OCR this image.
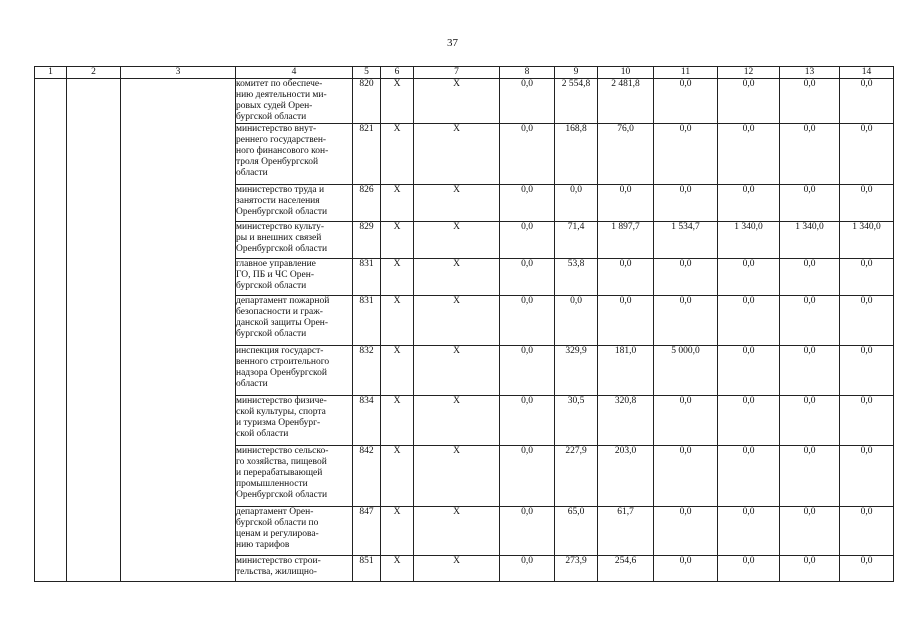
37
1	2	3	4	5	6	7	8	9	10	11	12	13	14

			комитет по обеспече-
нию деятельности ми-
ровых судей Орен-
бургской области	820	Х	Х	0,0	2 554,8	2 481,8	0,0	0,0	0,0	0,0

			министерство внут-
реннего государствен-
ного финансового кон-
троля Оренбургской
области	821	Х	Х	0,0	168,8	76,0	0,0	0,0	0,0	0,0

			министерство труда и
занятости населения
Оренбургской области	826	Х	Х	0,0	0,0	0,0	0,0	0,0	0,0	0,0

			министерство культу-
ры и внешних связей
Оренбургской области	829	Х	Х	0,0	71,4	1 897,7	1 534,7	1 340,0	1 340,0	1 340,0

			главное управление
ГО, ПБ и ЧС Орен-
бургской области	831	Х	Х	0,0	53,8	0,0	0,0	0,0	0,0	0,0

			департамент пожарной
безопасности и граж-
данской защиты Орен-
бургской области	831	Х	Х	0,0	0,0	0,0	0,0	0,0	0,0	0,0

			инспекция государст-
венного строительного
надзора Оренбургской
области	832	Х	Х	0,0	329,9	181,0	5 000,0	0,0	0,0	0,0

			министерство физиче-
ской культуры, спорта
и туризма Оренбург-
ской области	834	Х	Х	0,0	30,5	320,8	0,0	0,0	0,0	0,0

			министерство сельско-
го хозяйства, пищевой
и перерабатывающей
промышленности
Оренбургской области	842	Х	Х	0,0	227,9	203,0	0,0	0,0	0,0	0,0

			департамент Орен-
бургской области по
ценам и регулирова-
нию тарифов	847	Х	Х	0,0	65,0	61,7	0,0	0,0	0,0	0,0

			министерство строи-
тельства, жилищно-	851	Х	Х	0,0	273,9	254,6	0,0	0,0	0,0	0,0
